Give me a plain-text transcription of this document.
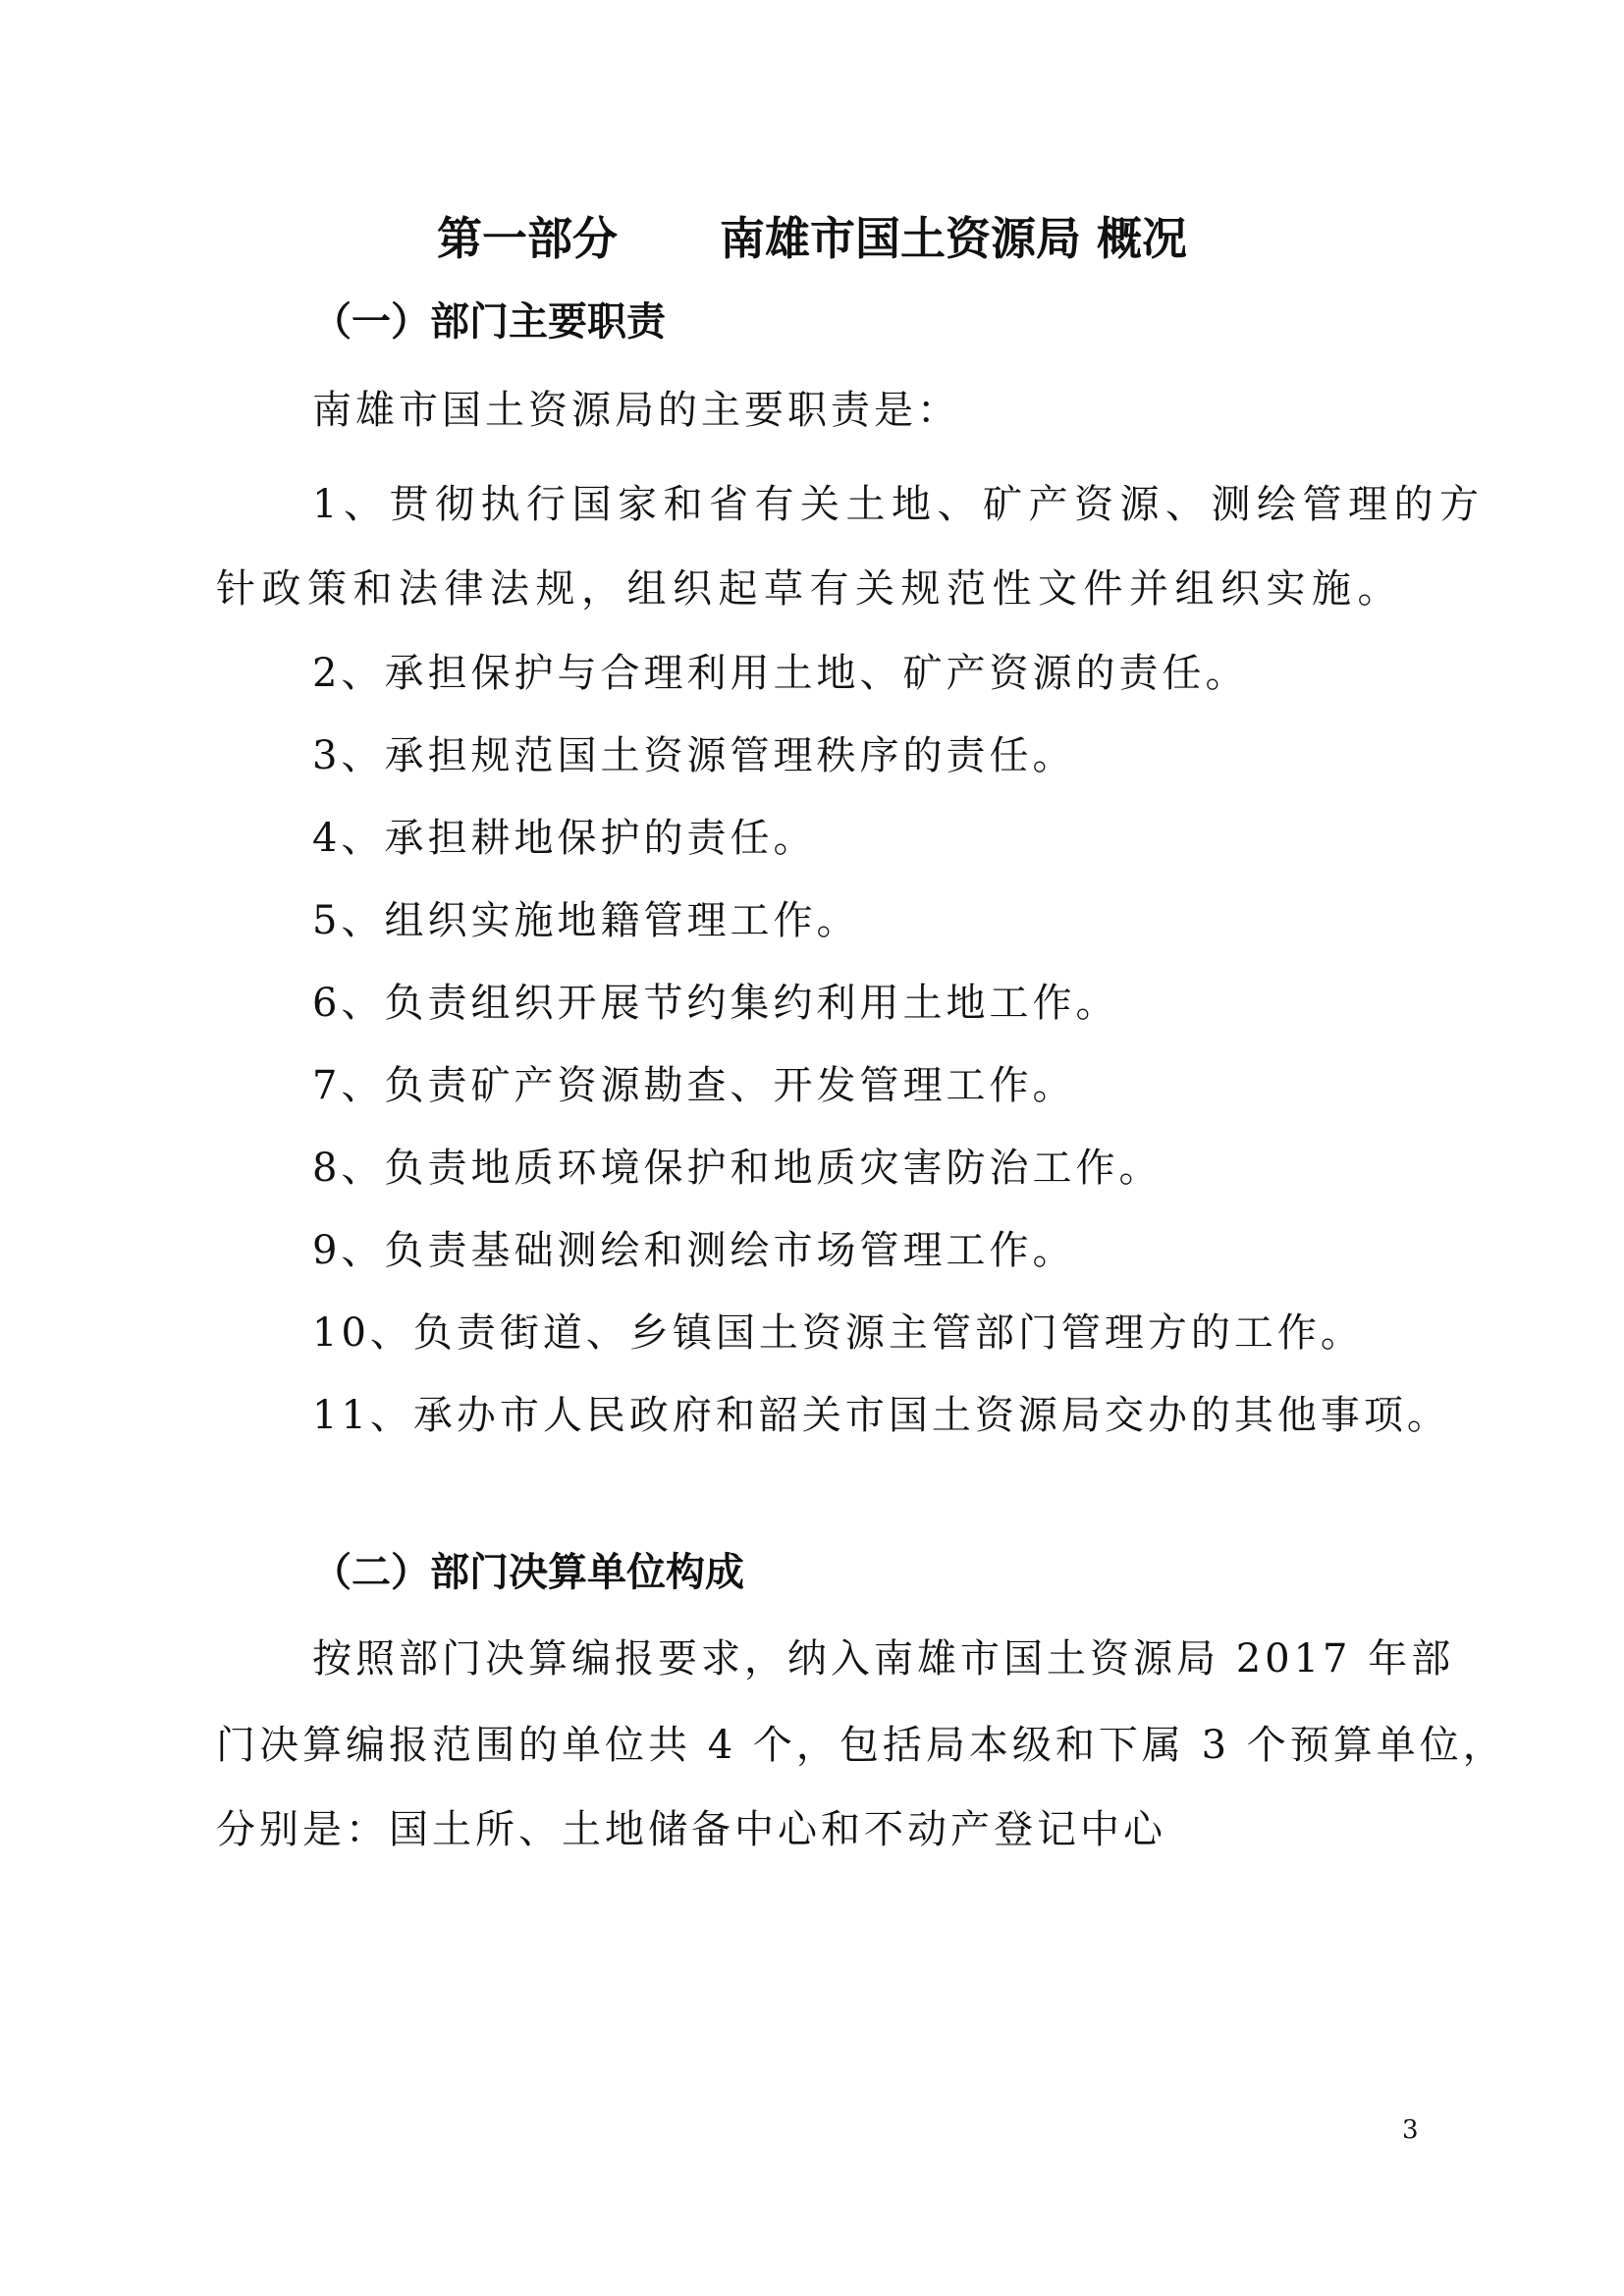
第一部分 南雄市国土资源局 概况
（一）部门主要职责
南雄市国土资源局的主要职责是：
1、贯彻执行国家和省有关土地、矿产资源、测绘管理的方
针政策和法律法规，组织起草有关规范性文件并组织实施。
2、承担保护与合理利用土地、矿产资源的责任。
3、承担规范国土资源管理秩序的责任。
4、承担耕地保护的责任。
5、组织实施地籍管理工作。
6、负责组织开展节约集约利用土地工作。
7、负责矿产资源勘查、开发管理工作。
8、负责地质环境保护和地质灾害防治工作。
9、负责基础测绘和测绘市场管理工作。
10、负责街道、乡镇国土资源主管部门管理方的工作。
11、承办市人民政府和韶关市国土资源局交办的其他事项。
（二）部门决算单位构成
按照部门决算编报要求，纳入南雄市国土资源局 2017 年部
门决算编报范围的单位共 4 个，包括局本级和下属 3 个预算单位，
分别是：国土所、土地储备中心和不动产登记中心
3
